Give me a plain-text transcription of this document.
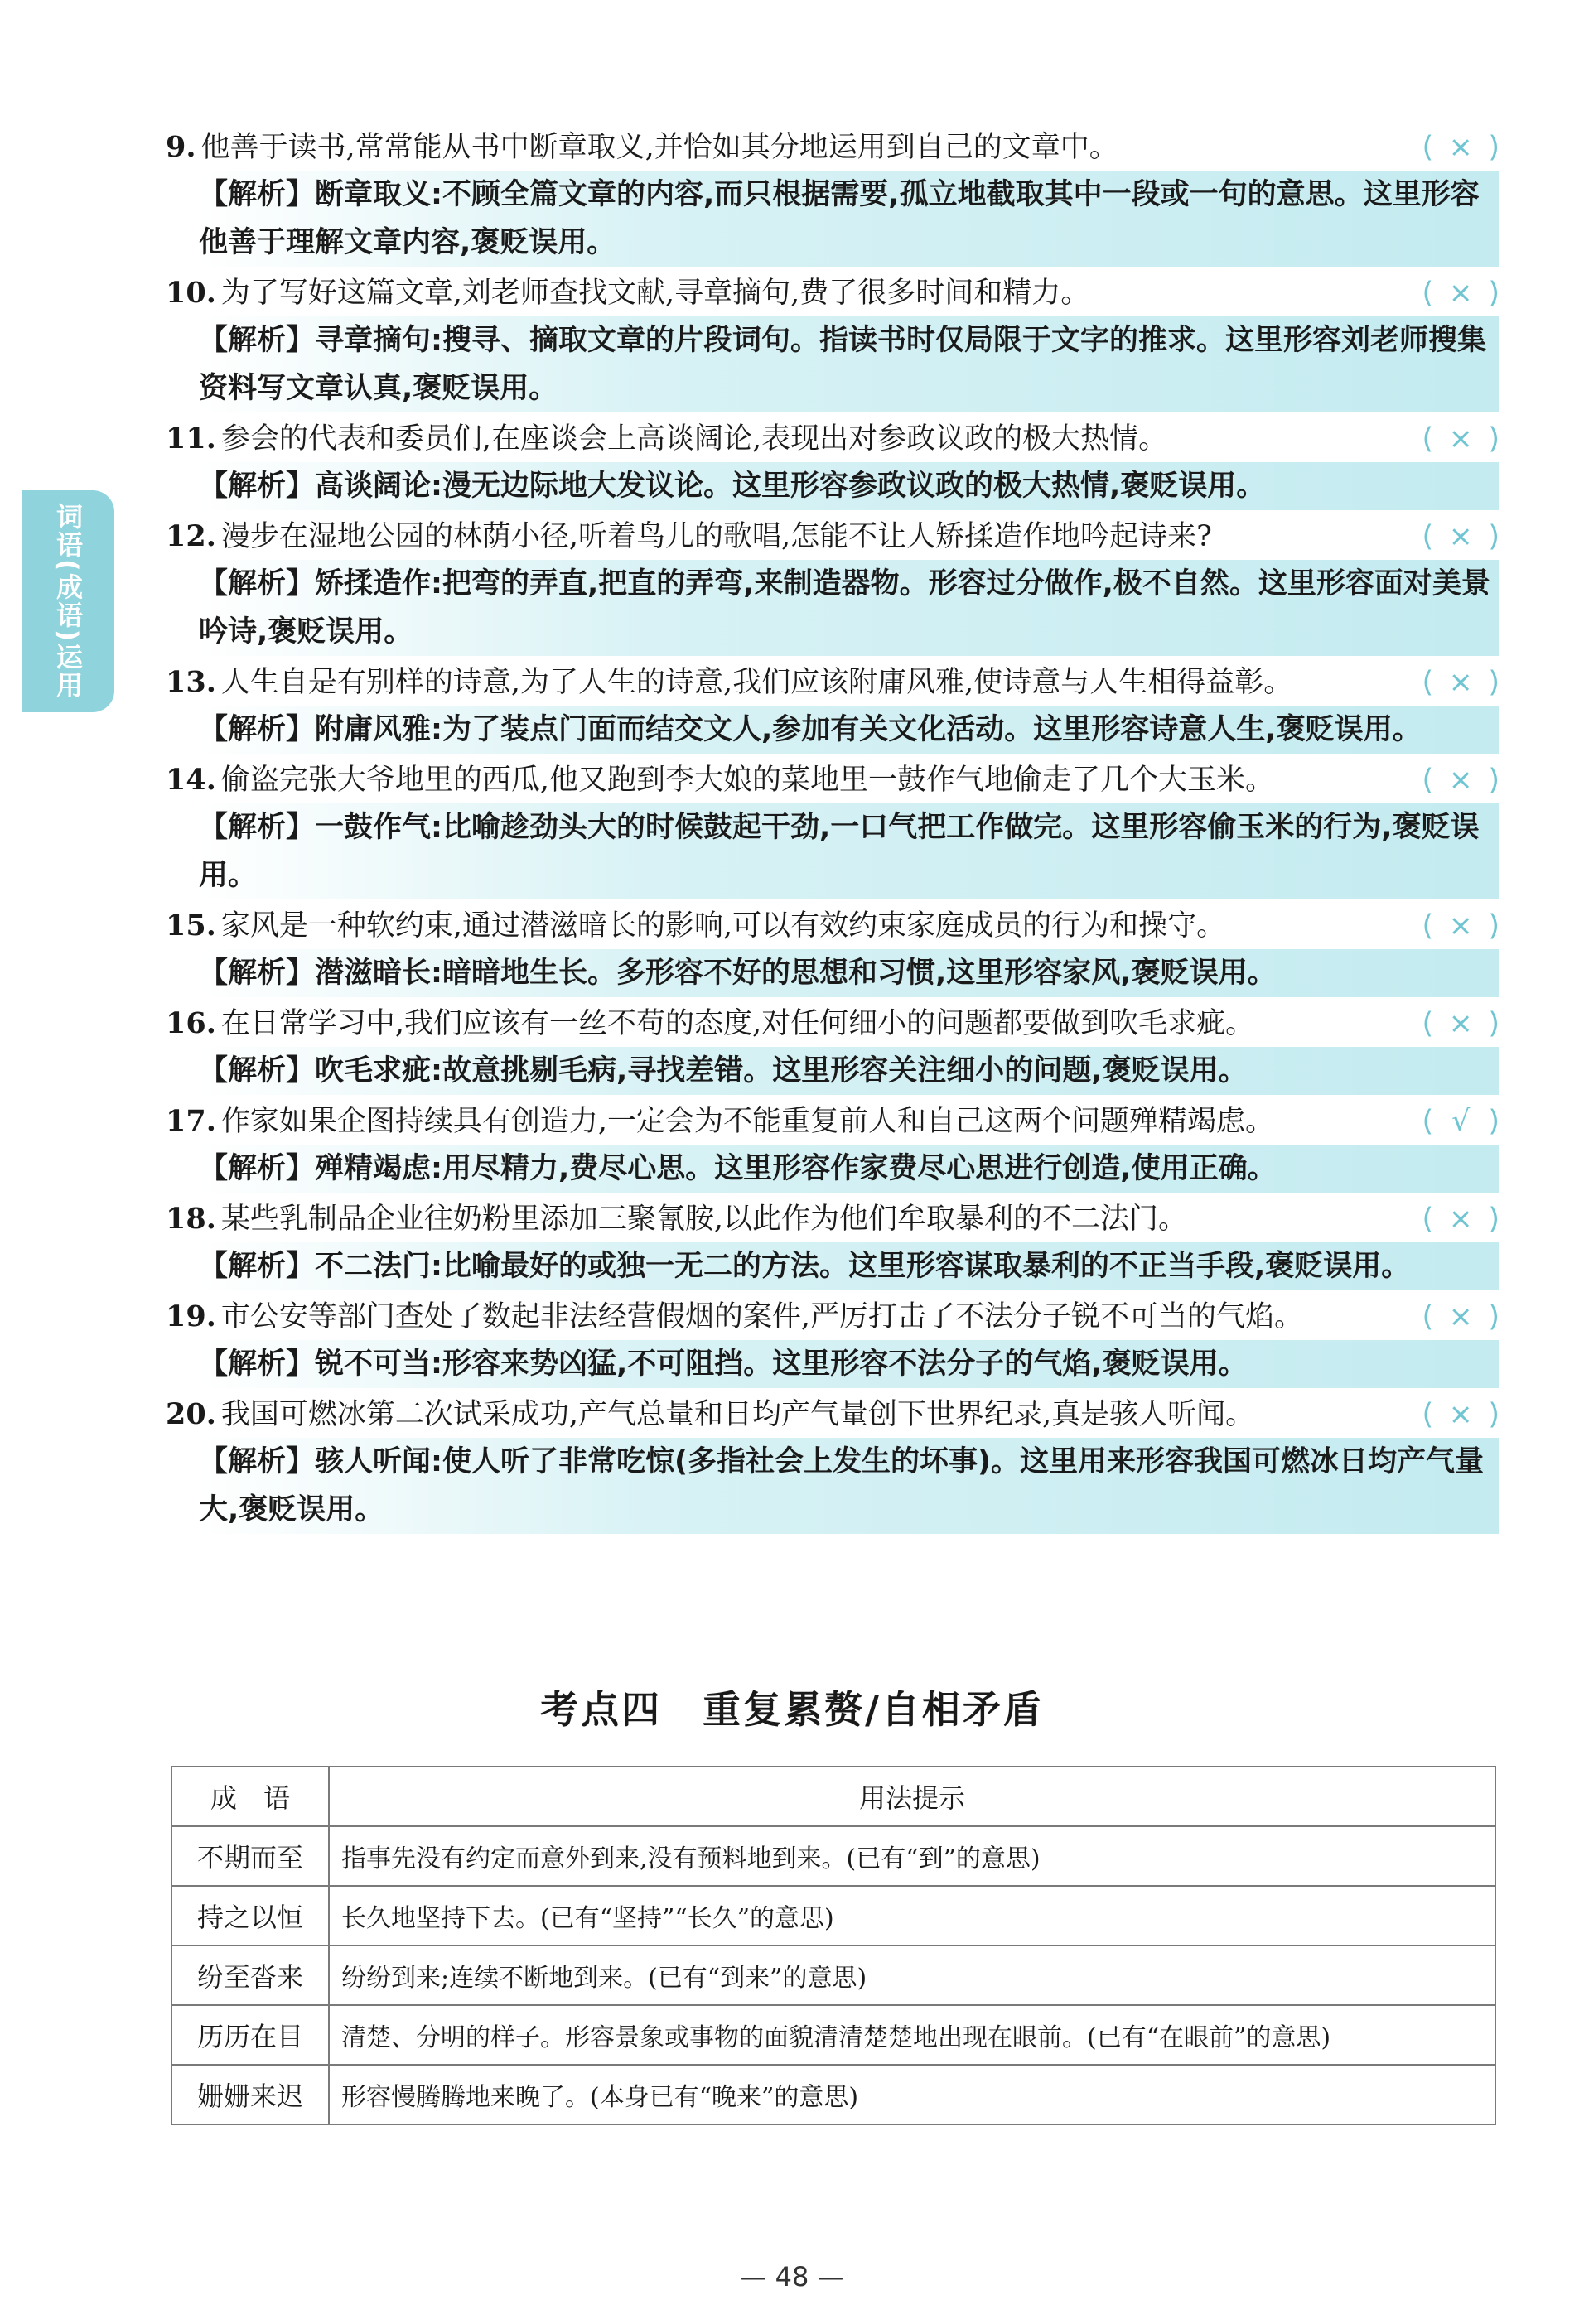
词语(成语)运用
9. 他善于读书,常常能从书中断章取义,并恰如其分地运用到自己的文章中。	( × )
【解析】断章取义:不顾全篇文章的内容,而只根据需要,孤立地截取其中一段或一句的意思。这里形容他善于理解文章内容,褒贬误用。
10. 为了写好这篇文章,刘老师查找文献,寻章摘句,费了很多时间和精力。	( × )
【解析】寻章摘句:搜寻、摘取文章的片段词句。指读书时仅局限于文字的推求。这里形容刘老师搜集资料写文章认真,褒贬误用。
11. 参会的代表和委员们,在座谈会上高谈阔论,表现出对参政议政的极大热情。	( × )
【解析】高谈阔论:漫无边际地大发议论。这里形容参政议政的极大热情,褒贬误用。
12. 漫步在湿地公园的林荫小径,听着鸟儿的歌唱,怎能不让人矫揉造作地吟起诗来?	( × )
【解析】矫揉造作:把弯的弄直,把直的弄弯,来制造器物。形容过分做作,极不自然。这里形容面对美景吟诗,褒贬误用。
13. 人生自是有别样的诗意,为了人生的诗意,我们应该附庸风雅,使诗意与人生相得益彰。	( × )
【解析】附庸风雅:为了装点门面而结交文人,参加有关文化活动。这里形容诗意人生,褒贬误用。
14. 偷盗完张大爷地里的西瓜,他又跑到李大娘的菜地里一鼓作气地偷走了几个大玉米。	( × )
【解析】一鼓作气:比喻趁劲头大的时候鼓起干劲,一口气把工作做完。这里形容偷玉米的行为,褒贬误用。
15. 家风是一种软约束,通过潜滋暗长的影响,可以有效约束家庭成员的行为和操守。	( × )
【解析】潜滋暗长:暗暗地生长。多形容不好的思想和习惯,这里形容家风,褒贬误用。
16. 在日常学习中,我们应该有一丝不苟的态度,对任何细小的问题都要做到吹毛求疵。	( × )
【解析】吹毛求疵:故意挑剔毛病,寻找差错。这里形容关注细小的问题,褒贬误用。
17. 作家如果企图持续具有创造力,一定会为不能重复前人和自己这两个问题殚精竭虑。	( √ )
【解析】殚精竭虑:用尽精力,费尽心思。这里形容作家费尽心思进行创造,使用正确。
18. 某些乳制品企业往奶粉里添加三聚氰胺,以此作为他们牟取暴利的不二法门。	( × )
【解析】不二法门:比喻最好的或独一无二的方法。这里形容谋取暴利的不正当手段,褒贬误用。
19. 市公安等部门查处了数起非法经营假烟的案件,严厉打击了不法分子锐不可当的气焰。	( × )
【解析】锐不可当:形容来势凶猛,不可阻挡。这里形容不法分子的气焰,褒贬误用。
20. 我国可燃冰第二次试采成功,产气总量和日均产气量创下世界纪录,真是骇人听闻。	( × )
【解析】骇人听闻:使人听了非常吃惊(多指社会上发生的坏事)。这里用来形容我国可燃冰日均产气量大,褒贬误用。
考点四　重复累赘/自相矛盾
成　语	用法提示
不期而至	指事先没有约定而意外到来,没有预料地到来。(已有“到”的意思)
持之以恒	长久地坚持下去。(已有“坚持”“长久”的意思)
纷至沓来	纷纷到来;连续不断地到来。(已有“到来”的意思)
历历在目	清楚、分明的样子。形容景象或事物的面貌清清楚楚地出现在眼前。(已有“在眼前”的意思)
姗姗来迟	形容慢腾腾地来晚了。(本身已有“晚来”的意思)
— 48 —
